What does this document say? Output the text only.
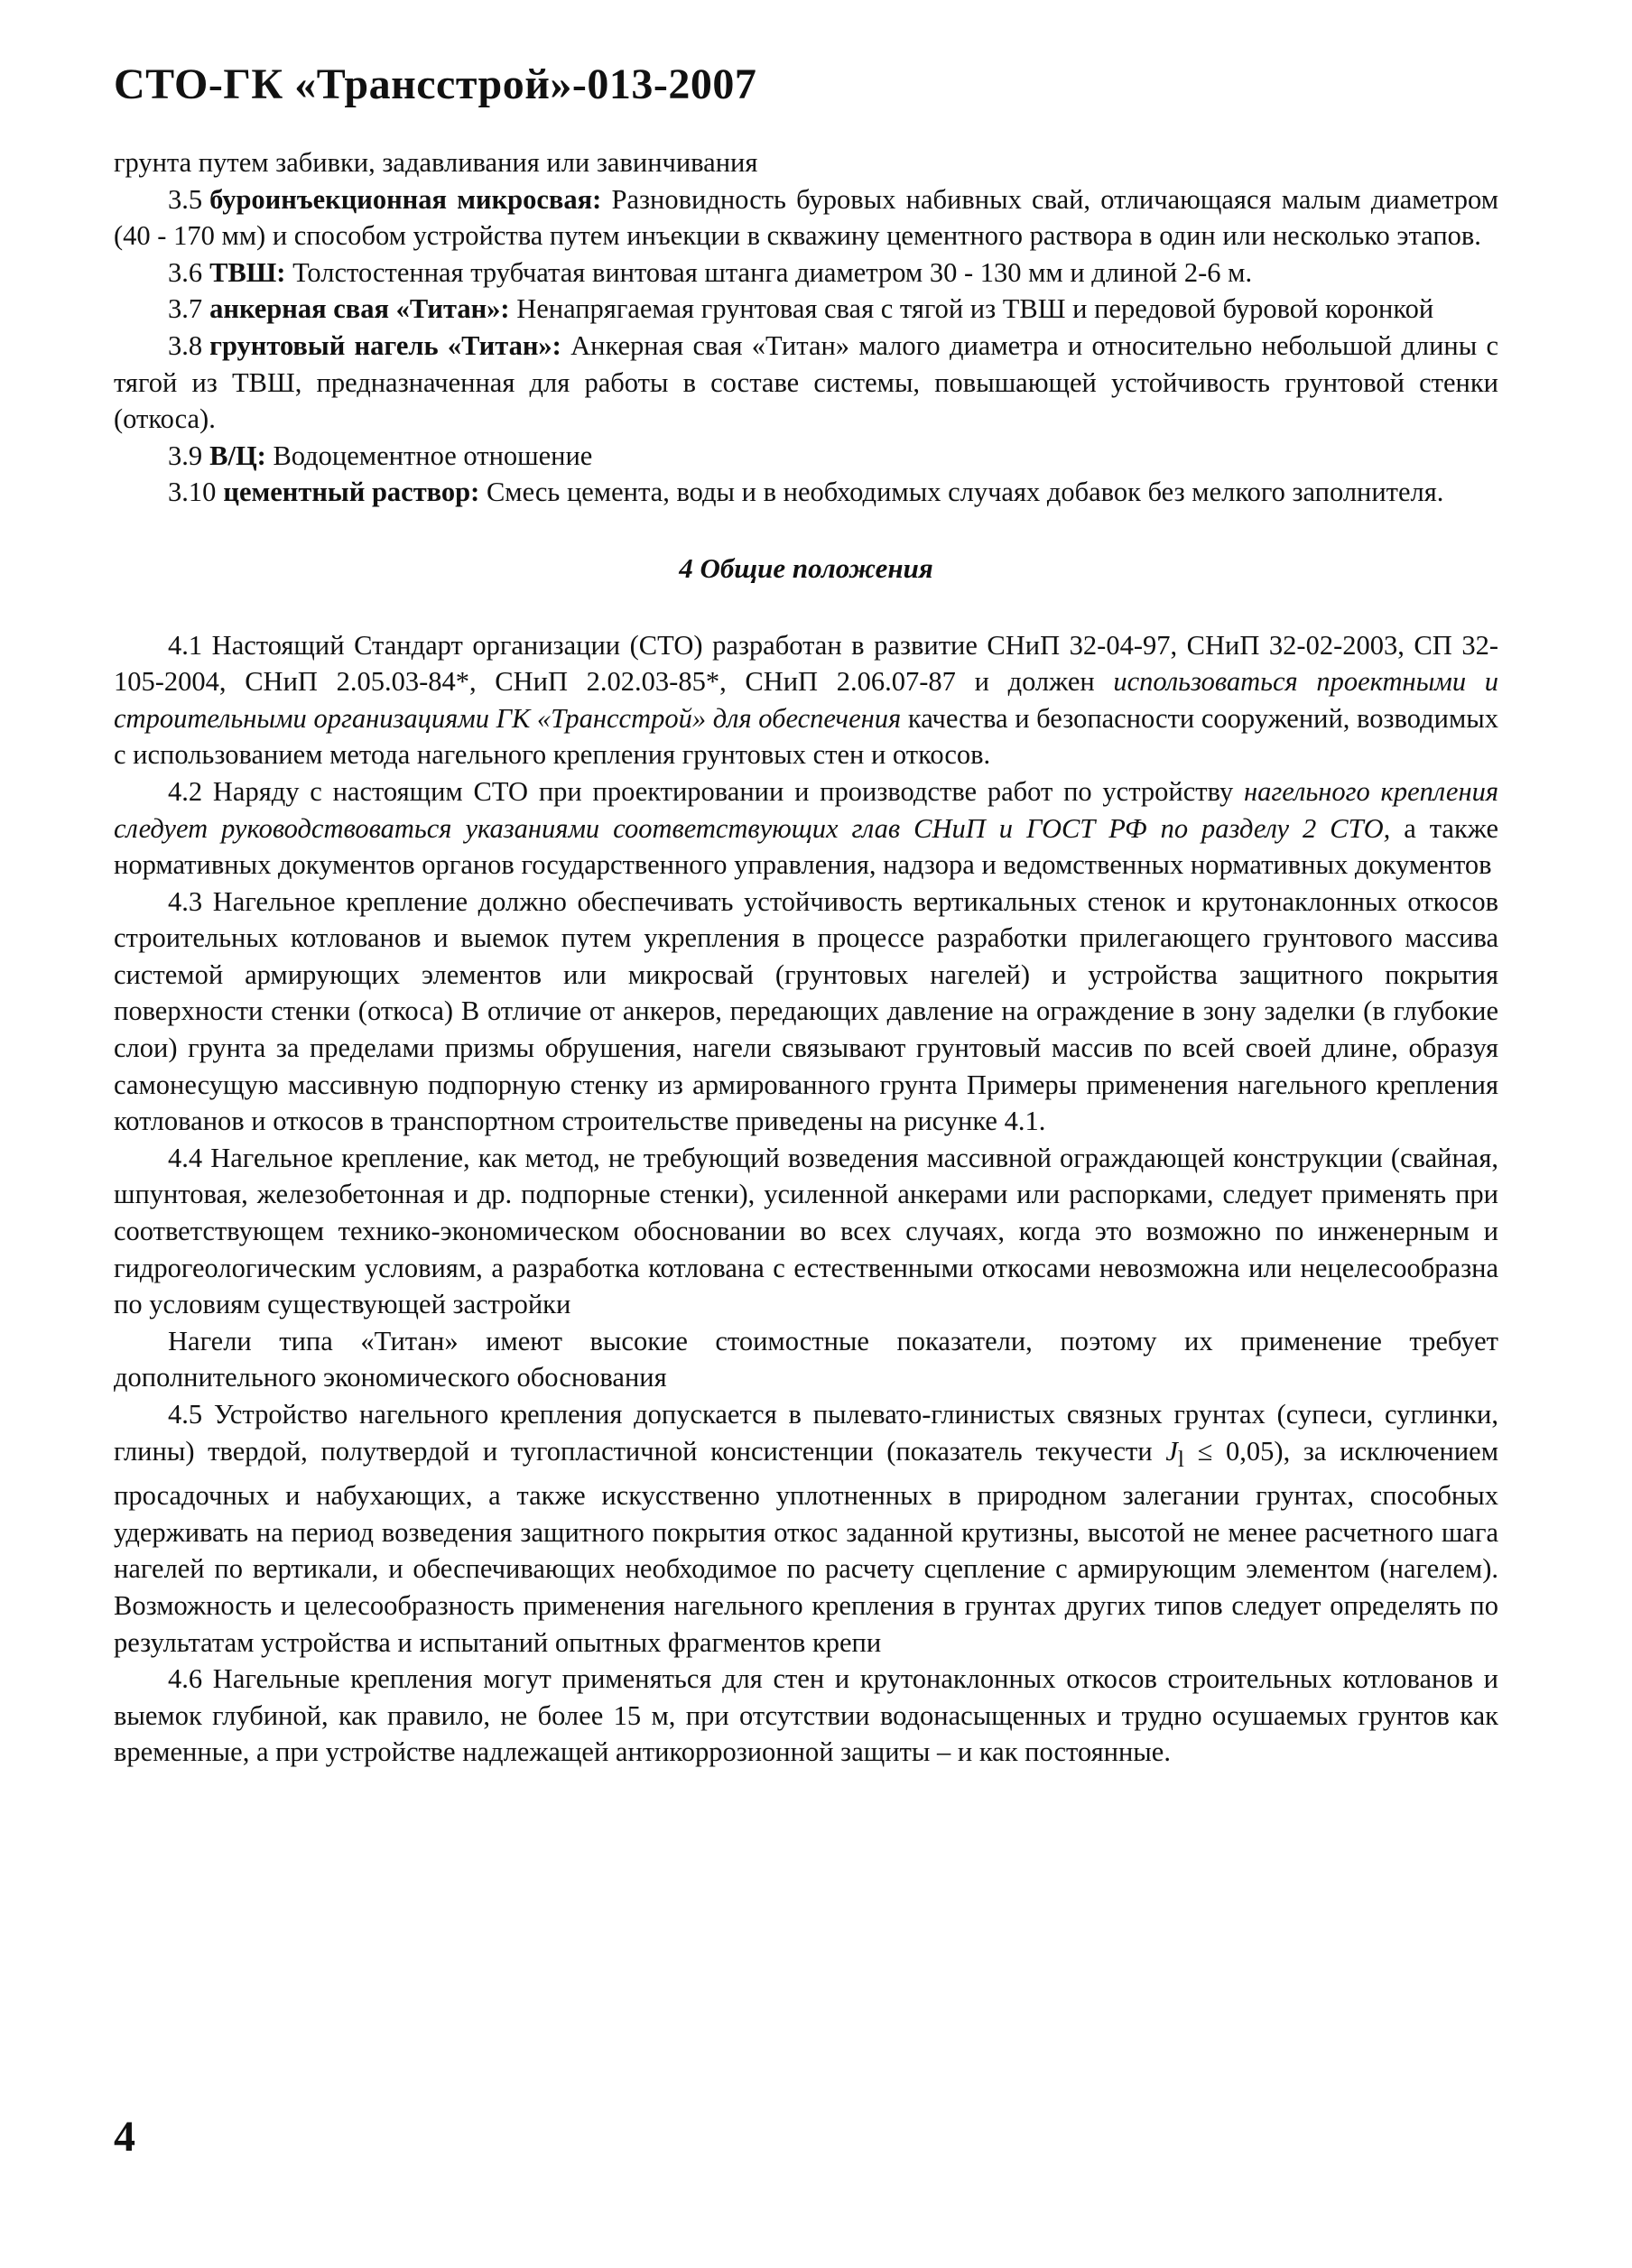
СТО-ГК «Трансстрой»-013-2007

грунта путем забивки, задавливания или завинчивания

3.5 буроинъекционная микросвая: Разновидность буровых набивных свай, отличающаяся малым диаметром (40 - 170 мм) и способом устройства путем инъекции в скважину цементного раствора в один или несколько этапов.

3.6 ТВШ: Толстостенная трубчатая винтовая штанга диаметром 30 - 130 мм и длиной 2-6 м.

3.7 анкерная свая «Титан»: Ненапрягаемая грунтовая свая с тягой из ТВШ и передовой буровой коронкой

3.8 грунтовый нагель «Титан»: Анкерная свая «Титан» малого диаметра и относительно небольшой длины с тягой из ТВШ, предназначенная для работы в составе системы, повышающей устойчивость грунтовой стенки (откоса).

3.9 В/Ц: Водоцементное отношение

3.10 цементный раствор: Смесь цемента, воды и в необходимых случаях добавок без мелкого заполнителя.

4 Общие положения

4.1 Настоящий Стандарт организации (СТО) разработан в развитие СНиП 32-04-97, СНиП 32-02-2003, СП 32-105-2004, СНиП 2.05.03-84*, СНиП 2.02.03-85*, СНиП 2.06.07-87 и должен использоваться проектными и строительными организациями ГК «Трансстрой» для обеспечения качества и безопасности сооружений, возводимых с использованием метода нагельного крепления грунтовых стен и откосов.

4.2 Наряду с настоящим СТО при проектировании и производстве работ по устройству нагельного крепления следует руководствоваться указаниями соответствующих глав СНиП и ГОСТ РФ по разделу 2 СТО, а также нормативных документов органов государственного управления, надзора и ведомственных нормативных документов

4.3 Нагельное крепление должно обеспечивать устойчивость вертикальных стенок и крутонаклонных откосов строительных котлованов и выемок путем укрепления в процессе разработки прилегающего грунтового массива системой армирующих элементов или микросвай (грунтовых нагелей) и устройства защитного покрытия поверхности стенки (откоса) В отличие от анкеров, передающих давление на ограждение в зону заделки (в глубокие слои) грунта за пределами призмы обрушения, нагели связывают грунтовый массив по всей своей длине, образуя самонесущую массивную подпорную стенку из армированного грунта Примеры применения нагельного крепления котлованов и откосов в транспортном строительстве приведены на рисунке 4.1.

4.4 Нагельное крепление, как метод, не требующий возведения массивной ограждающей конструкции (свайная, шпунтовая, железобетонная и др. подпорные стенки), усиленной анкерами или распорками, следует применять при соответствующем технико-экономическом обосновании во всех случаях, когда это возможно по инженерным и гидрогеологическим условиям, а разработка котлована с естественными откосами невозможна или нецелесообразна по условиям существующей застройки

Нагели типа «Титан» имеют высокие стоимостные показатели, поэтому их применение требует дополнительного экономического обоснования

4.5 Устройство нагельного крепления допускается в пылевато-глинистых связных грунтах (супеси, суглинки, глины) твердой, полутвердой и тугопластичной консистенции (показатель текучести $J_l \le 0,05$), за исключением просадочных и набухающих, а также искусственно уплотненных в природном залегании грунтах, способных удерживать на период возведения защитного покрытия откос заданной крутизны, высотой не менее расчетного шага нагелей по вертикали, и обеспечивающих необходимое по расчету сцепление с армирующим элементом (нагелем). Возможность и целесообразность применения нагельного крепления в грунтах других типов следует определять по результатам устройства и испытаний опытных фрагментов крепи

4.6 Нагельные крепления могут применяться для стен и крутонаклонных откосов строительных котлованов и выемок глубиной, как правило, не более 15 м, при отсутствии водонасыщенных и трудно осушаемых грунтов как временные, а при устройстве надлежащей антикоррозионной защиты – и как постоянные.

4
